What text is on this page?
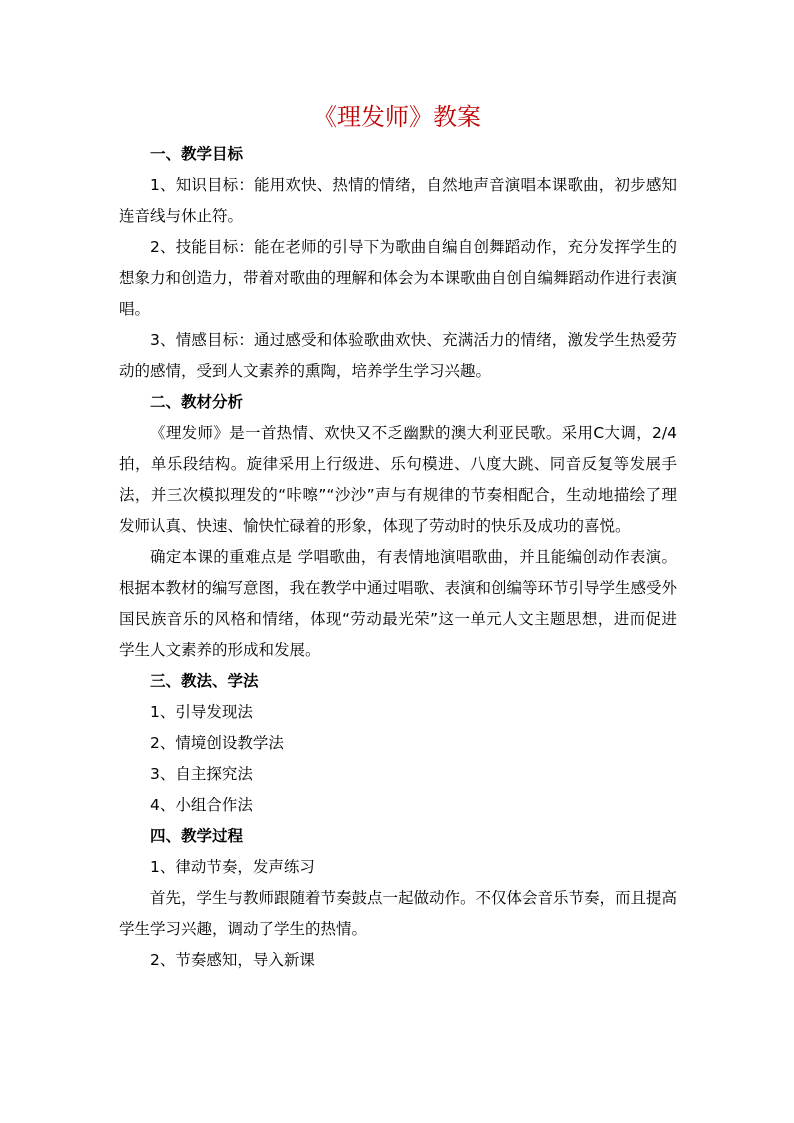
《理发师》教案

一、教学目标

1、知识目标：能用欢快、热情的情绪，自然地声音演唱本课歌曲，初步感知连音线与休止符。

2、技能目标：能在老师的引导下为歌曲自编自创舞蹈动作，充分发挥学生的想象力和创造力，带着对歌曲的理解和体会为本课歌曲自创自编舞蹈动作进行表演唱。

3、情感目标：通过感受和体验歌曲欢快、充满活力的情绪，激发学生热爱劳动的感情，受到人文素养的熏陶，培养学生学习兴趣。

二、教材分析

《理发师》是一首热情、欢快又不乏幽默的澳大利亚民歌。采用C大调，2/4拍，单乐段结构。旋律采用上行级进、乐句模进、八度大跳、同音反复等发展手法，并三次模拟理发的“咔嚓”“沙沙”声与有规律的节奏相配合，生动地描绘了理发师认真、快速、愉快忙碌着的形象，体现了劳动时的快乐及成功的喜悦。

确定本课的重难点是 学唱歌曲，有表情地演唱歌曲，并且能编创动作表演。根据本教材的编写意图，我在教学中通过唱歌、表演和创编等环节引导学生感受外国民族音乐的风格和情绪，体现“劳动最光荣”这一单元人文主题思想，进而促进学生人文素养的形成和发展。

三、教法、学法

1、引导发现法

2、情境创设教学法

3、自主探究法

4、小组合作法

四、教学过程

1、律动节奏，发声练习

首先，学生与教师跟随着节奏鼓点一起做动作。不仅体会音乐节奏，而且提高学生学习兴趣，调动了学生的热情。

2、节奏感知，导入新课
